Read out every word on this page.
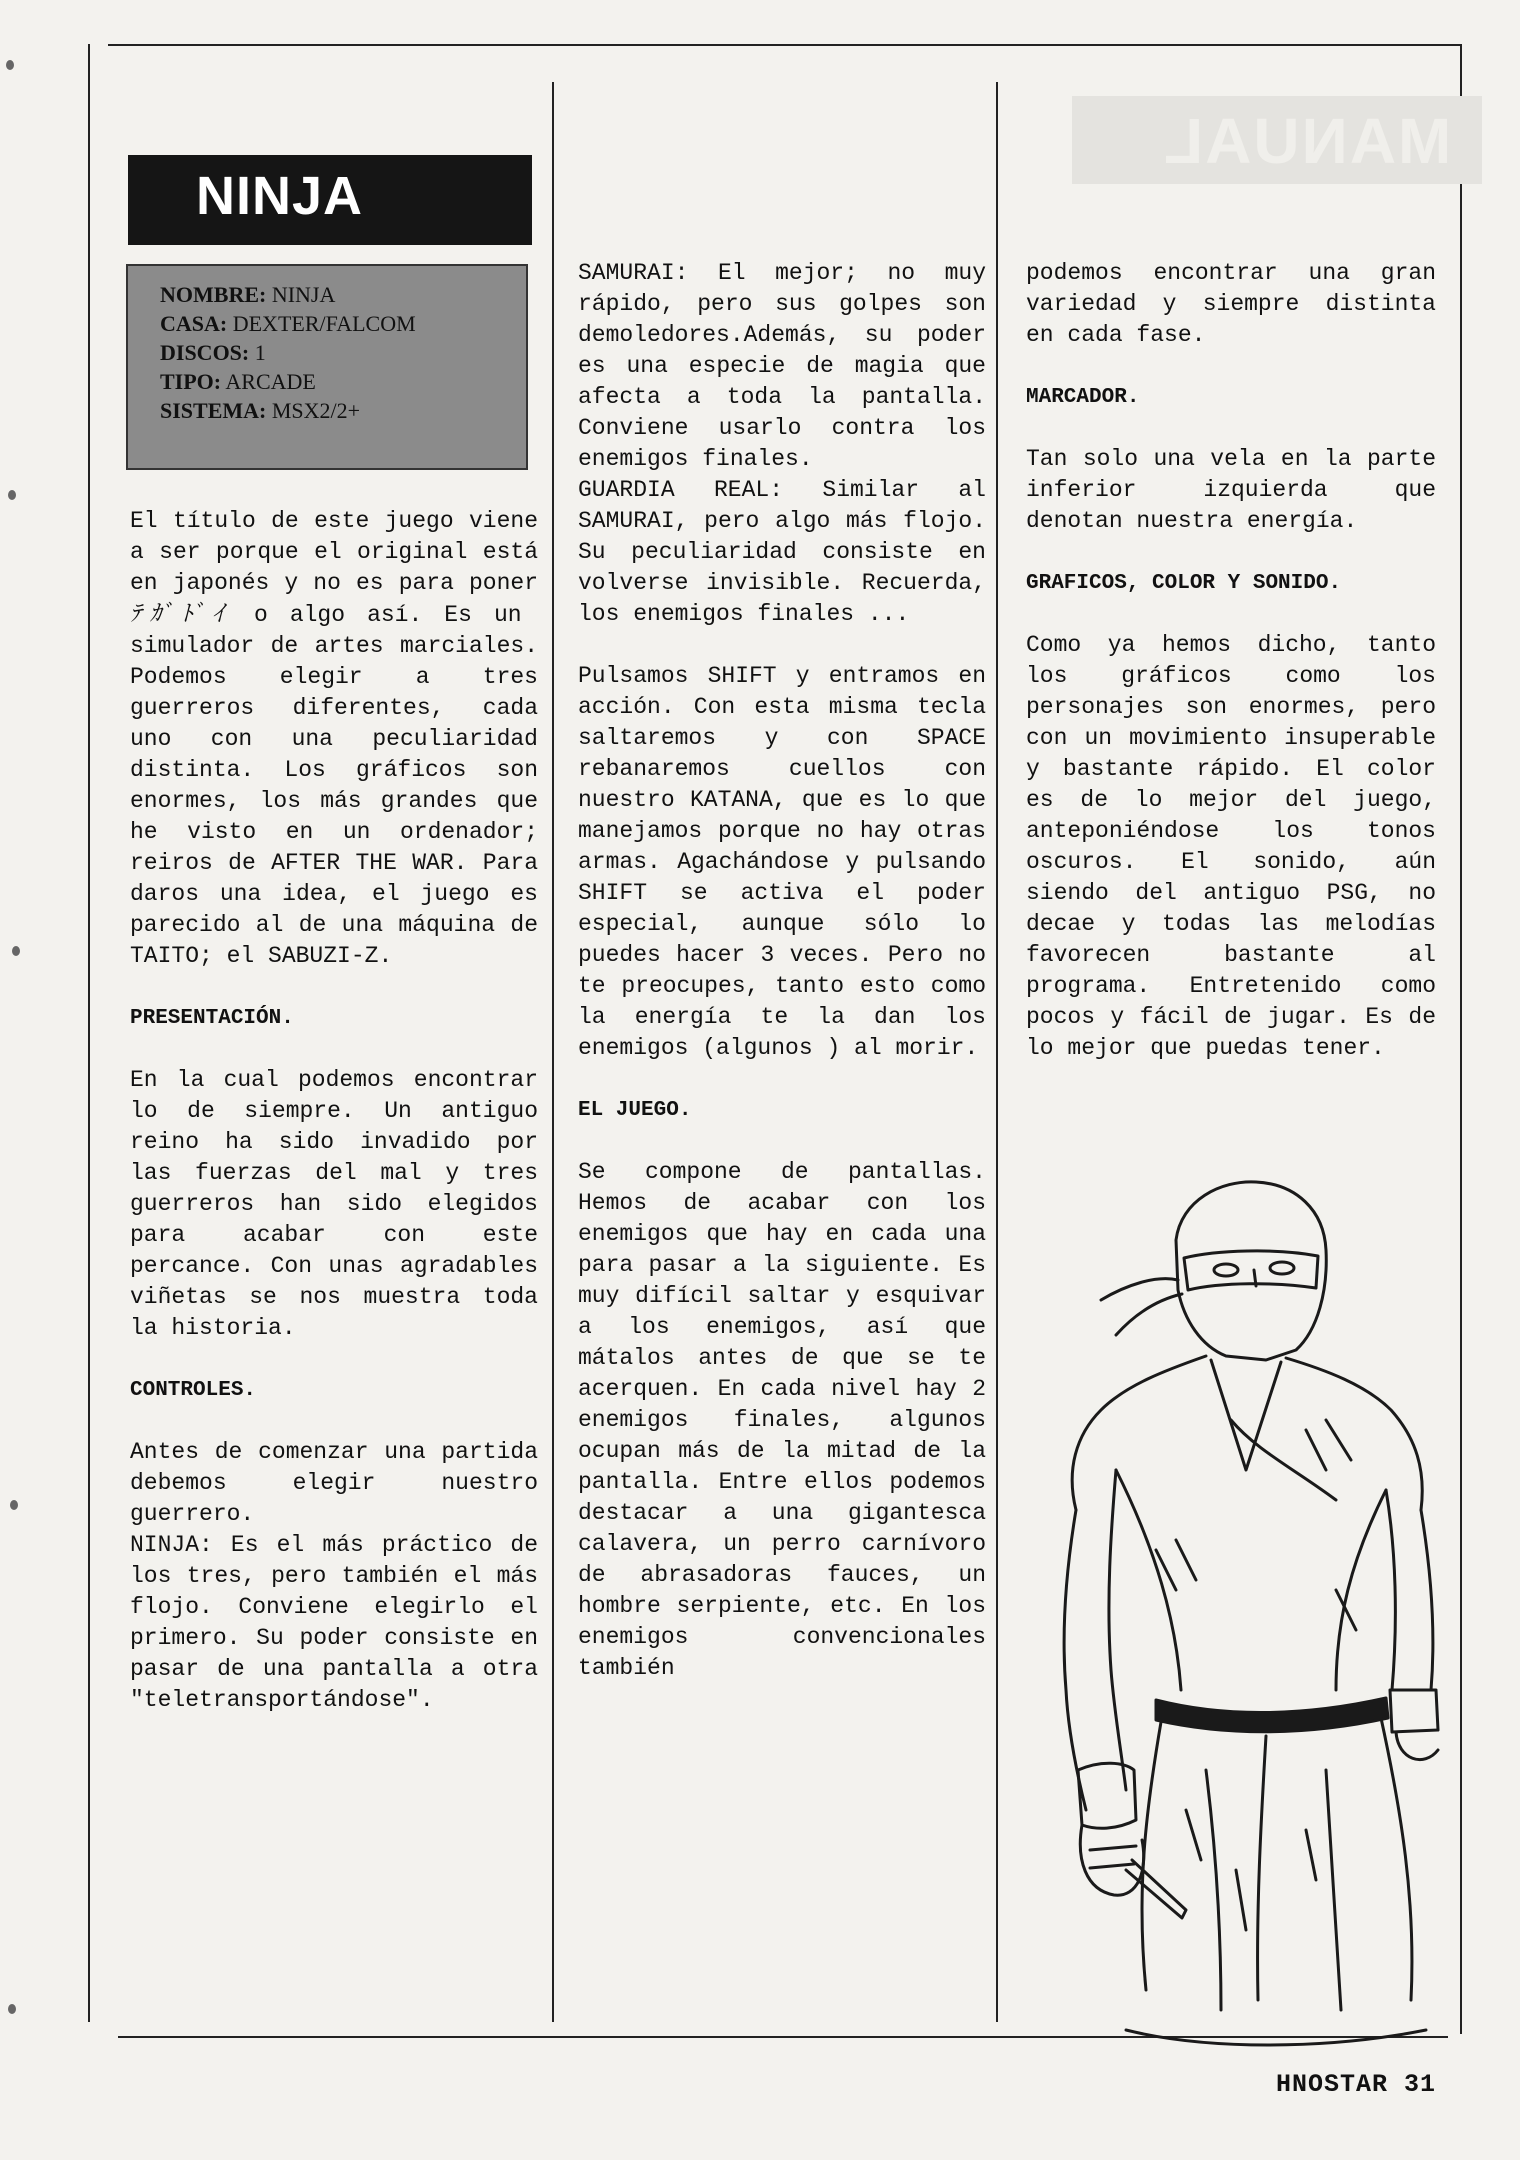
MANUAL
NINJA
NOMBRE: NINJA
CASA: DEXTER/FALCOM
DISCOS: 1
TIPO: ARCADE
SISTEMA: MSX2/2+

El título de este juego viene a ser porque el original está en japonés y no es para poner ﾃｶﾞﾄﾞｲ o algo así. Es un simulador de artes marciales. Podemos elegir a tres guerreros diferentes, cada uno con una peculiaridad distinta. Los gráficos son enormes, los más grandes que he visto en un ordenador; reiros de AFTER THE WAR. Para daros una idea, el juego es parecido al de una máquina de TAITO; el SABUZI-Z.

PRESENTACIÓN.

En la cual podemos encontrar lo de siempre. Un antiguo reino ha sido invadido por las fuerzas del mal y tres guerreros han sido elegidos para acabar con este percance. Con unas agradables viñetas se nos muestra toda la historia.

CONTROLES.

Antes de comenzar una partida debemos elegir nuestro guerrero.

NINJA: Es el más práctico de los tres, pero también el más flojo. Conviene elegirlo el primero. Su poder consiste en pasar de una pantalla a otra "teletransportándose".

SAMURAI: El mejor; no muy rápido, pero sus golpes son demoledores.Además, su poder es una especie de magia que afecta a toda la pantalla. Conviene usarlo contra los enemigos finales.

GUARDIA REAL: Similar al SAMURAI, pero algo más flojo. Su peculiaridad consiste en volverse invisible. Recuerda, los enemigos finales ...

Pulsamos SHIFT y entramos en acción. Con esta misma tecla saltaremos y con SPACE rebanaremos cuellos con nuestro KATANA, que es lo que manejamos porque no hay otras armas. Agachándose y pulsando SHIFT se activa el poder especial, aunque sólo lo puedes hacer 3 veces. Pero no te preocupes, tanto esto como la energía te la dan los enemigos (algunos ) al morir.

EL JUEGO.

Se compone de pantallas. Hemos de acabar con los enemigos que hay en cada una para pasar a la siguiente. Es muy difícil saltar y esquivar a los enemigos, así que mátalos antes de que se te acerquen. En cada nivel hay 2 enemigos finales, algunos ocupan más de la mitad de la pantalla. Entre ellos podemos destacar a una gigantesca calavera, un perro carnívoro de abrasadoras fauces, un hombre serpiente, etc. En los enemigos convencionales también

podemos encontrar una gran variedad y siempre distinta en cada fase.

MARCADOR.

Tan solo una vela en la parte inferior izquierda que denotan nuestra energía.

GRAFICOS, COLOR Y SONIDO.

Como ya hemos dicho, tanto los gráficos como los personajes son enormes, pero con un movimiento insuperable y bastante rápido. El color es de lo mejor del juego, anteponiéndose los tonos oscuros. El sonido, aún siendo del antiguo PSG, no decae y todas las melodías favorecen bastante al programa. Entretenido como pocos y fácil de jugar. Es de lo mejor que puedas tener.

HNOSTAR 31
